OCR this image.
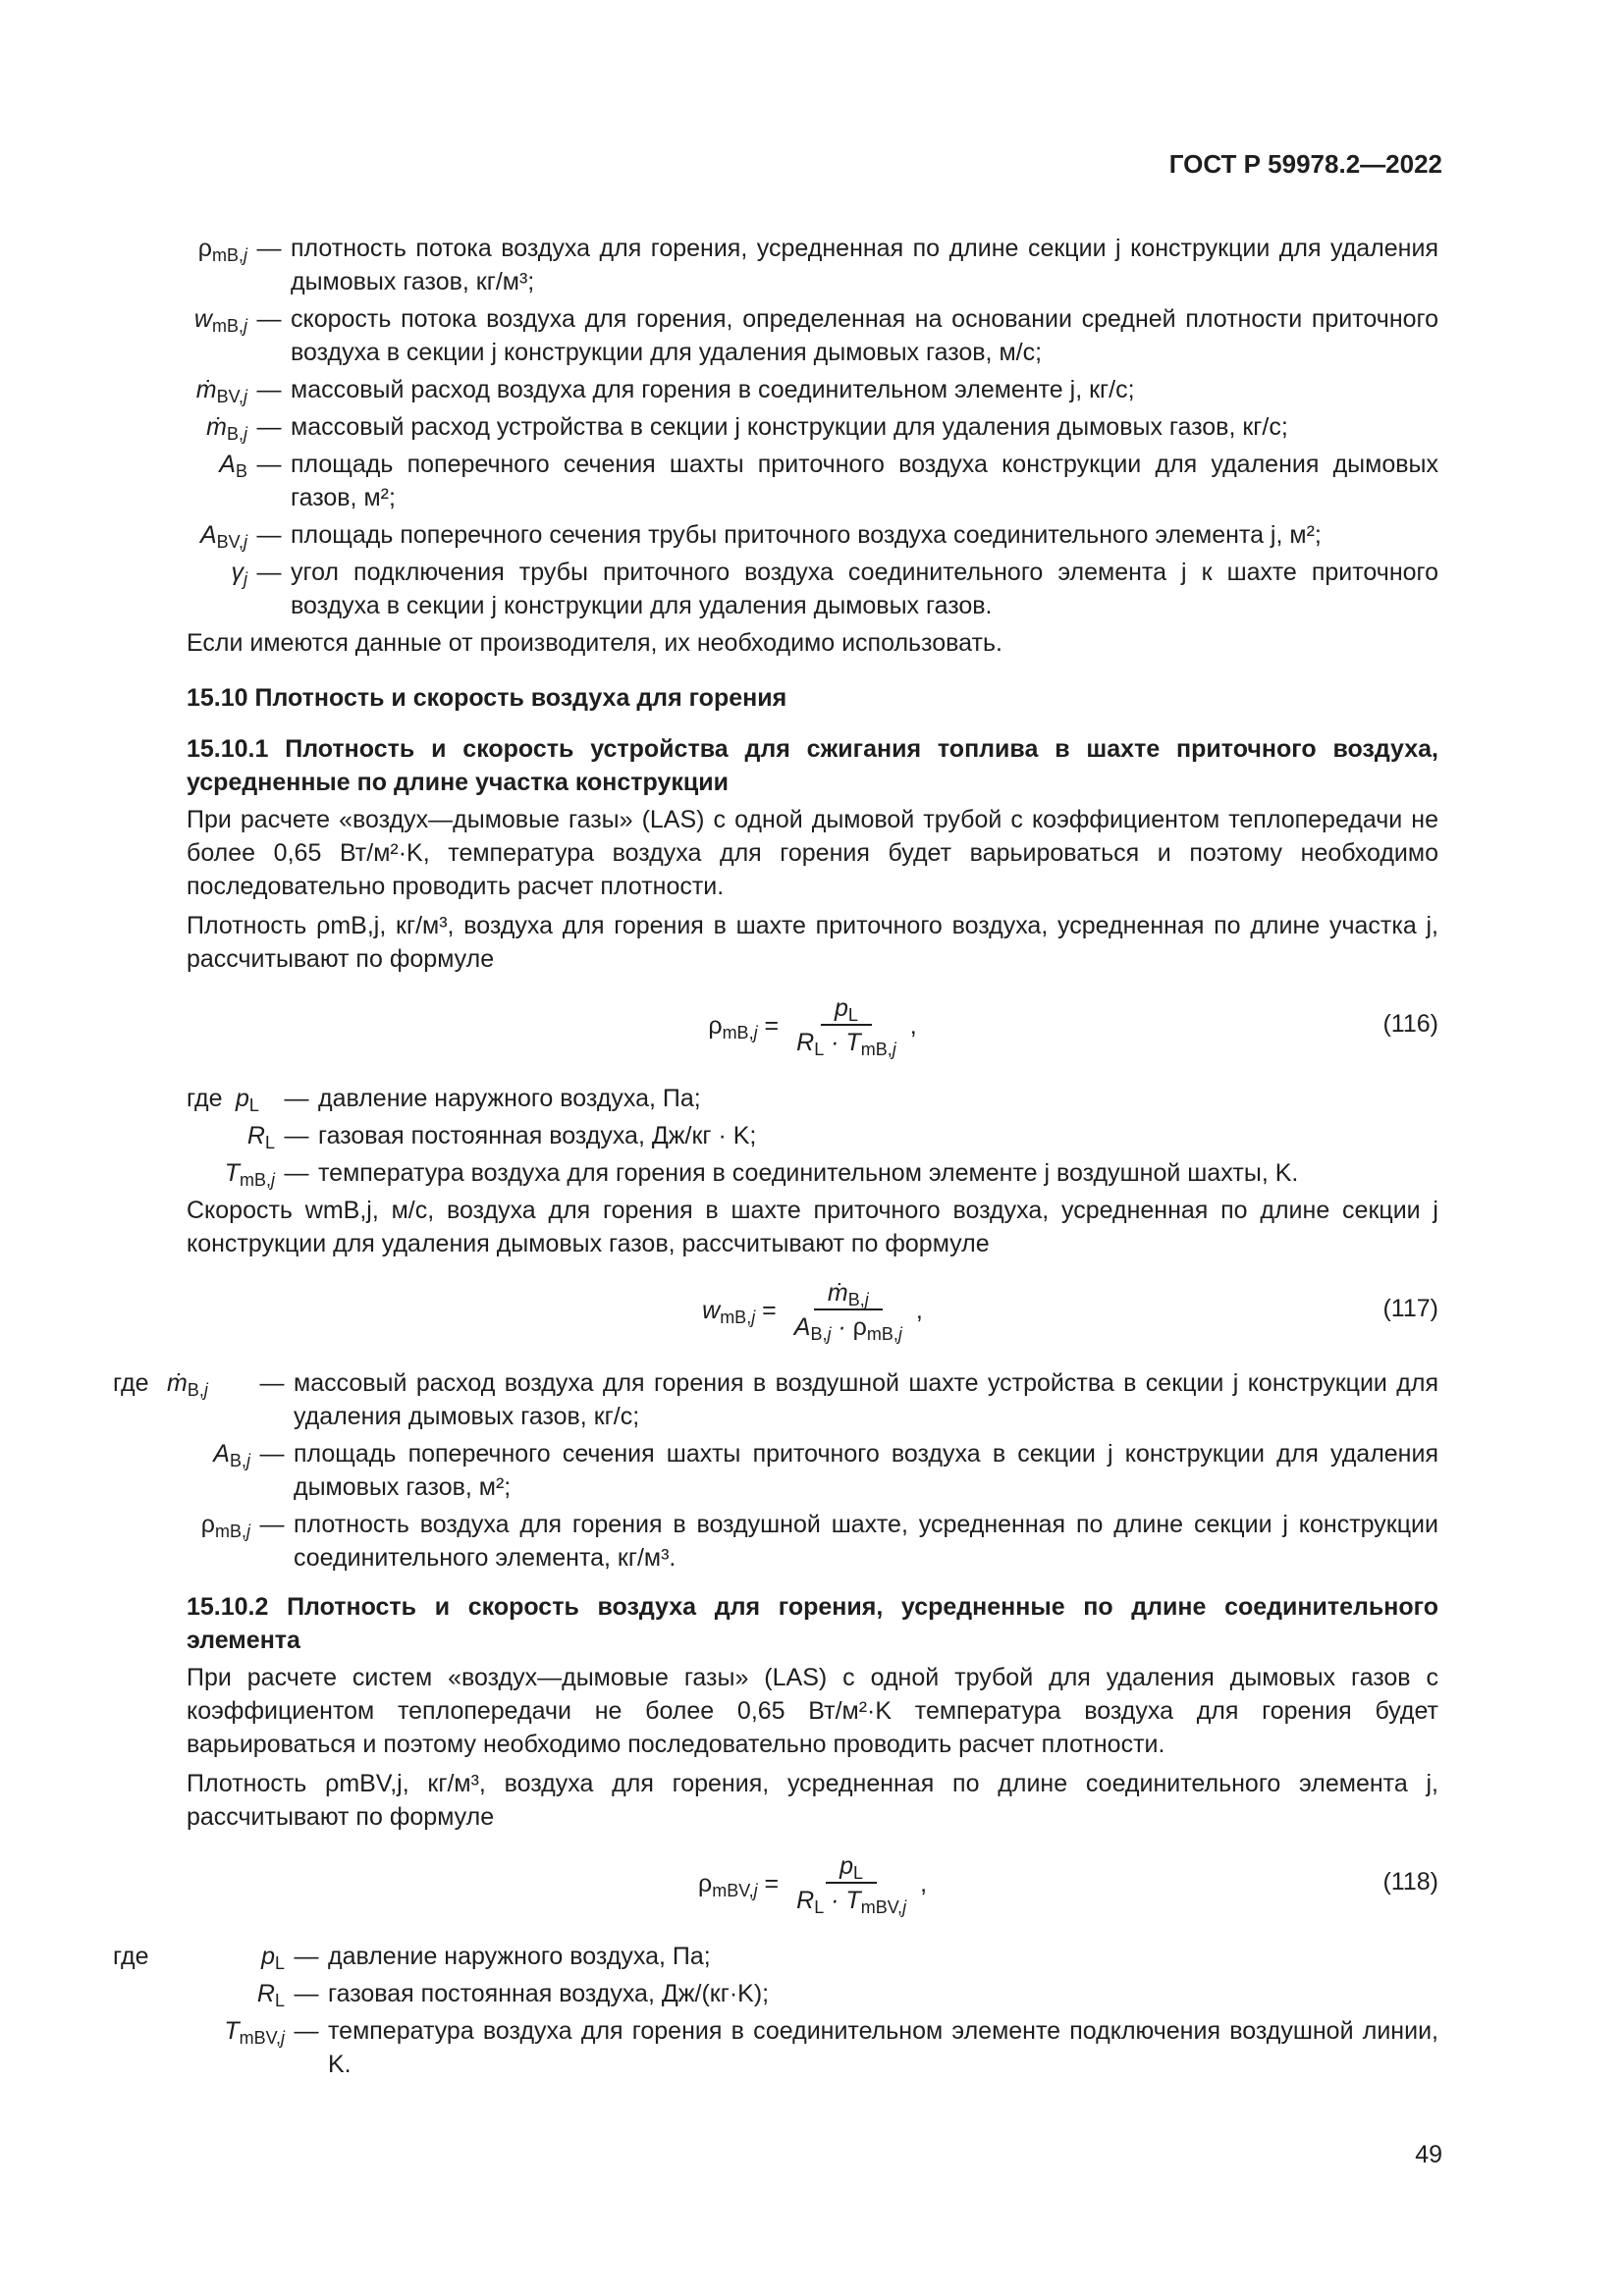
ГОСТ Р 59978.2—2022
$\rho_{mB,j}$ — плотность потока воздуха для горения, усредненная по длине секции j конструкции для удаления дымовых газов, кг/м³;
$w_{mB,j}$ — скорость потока воздуха для горения, определенная на основании средней плотности приточного воздуха в секции j конструкции для удаления дымовых газов, м/с;
ṁ$_{BV,j}$ — массовый расход воздуха для горения в соединительном элементе j, кг/с;
ṁ$_{B,j}$ — массовый расход устройства в секции j конструкции для удаления дымовых газов, кг/с;
$A_B$ — площадь поперечного сечения шахты приточного воздуха конструкции для удаления дымовых газов, м²;
$A_{BV,j}$ — площадь поперечного сечения трубы приточного воздуха соединительного элемента j, м²;
$\gamma_j$ — угол подключения трубы приточного воздуха соединительного элемента j к шахте приточного воздуха в секции j конструкции для удаления дымовых газов.

Если имеются данные от производителя, их необходимо использовать.

15.10 Плотность и скорость воздуха для горения
15.10.1 Плотность и скорость устройства для сжигания топлива в шахте приточного воздуха, усредненные по длине участка конструкции

При расчете «воздух—дымовые газы» (LAS) с одной дымовой трубой с коэффициентом теплопередачи не более 0,65 Вт/м²·K, температура воздуха для горения будет варьироваться и поэтому необходимо последовательно проводить расчет плотности.

Плотность ρmB,j, кг/м³, воздуха для горения в шахте приточного воздуха, усредненная по длине участка j, рассчитывают по формуле

$\rho_{mB,j} = \frac{p_L}{R_L \cdot T_{mB,j}}$ ,	(116)
где $p_L$	— давление наружного воздуха, Па;
$R_L$ — газовая постоянная воздуха, Дж/кг · K;
$T_{mB,j}$ — температура воздуха для горения в соединительном элементе j воздушной шахты, K.

Скорость wmB,j, м/с, воздуха для горения в шахте приточного воздуха, усредненная по длине секции j конструкции для удаления дымовых газов, рассчитывают по формуле

$w_{mB,j} = \frac{ṁ_{B,j}}{A_{B,j} \cdot \rho_{mB,j}}$ ,	(117)
где ṁ$_{B,j}$	— массовый расход воздуха для горения в воздушной шахте устройства в секции j конструкции для удаления дымовых газов, кг/с;
$A_{B,j}$ — площадь поперечного сечения шахты приточного воздуха в секции j конструкции для удаления дымовых газов, м²;
$\rho_{mB,j}$ — плотность воздуха для горения в воздушной шахте, усредненная по длине секции j конструкции соединительного элемента, кг/м³.
15.10.2 Плотность и скорость воздуха для горения, усредненные по длине соединительного элемента

При расчете систем «воздух—дымовые газы» (LAS) с одной трубой для удаления дымовых газов с коэффициентом теплопередачи не более 0,65 Вт/м²·K температура воздуха для горения будет варьироваться и поэтому необходимо последовательно проводить расчет плотности.

Плотность ρmBV,j, кг/м³, воздуха для горения, усредненная по длине соединительного элемента j, рассчитывают по формуле

$\rho_{mBV,j} = \frac{p_L}{R_L \cdot T_{mBV,j}}$ ,	(118)
где	$p_L$ — давление наружного воздуха, Па;
$R_L$ — газовая постоянная воздуха, Дж/(кг·K);
$T_{mBV,j}$ — температура воздуха для горения в соединительном элементе подключения воздушной линии, K.
49
